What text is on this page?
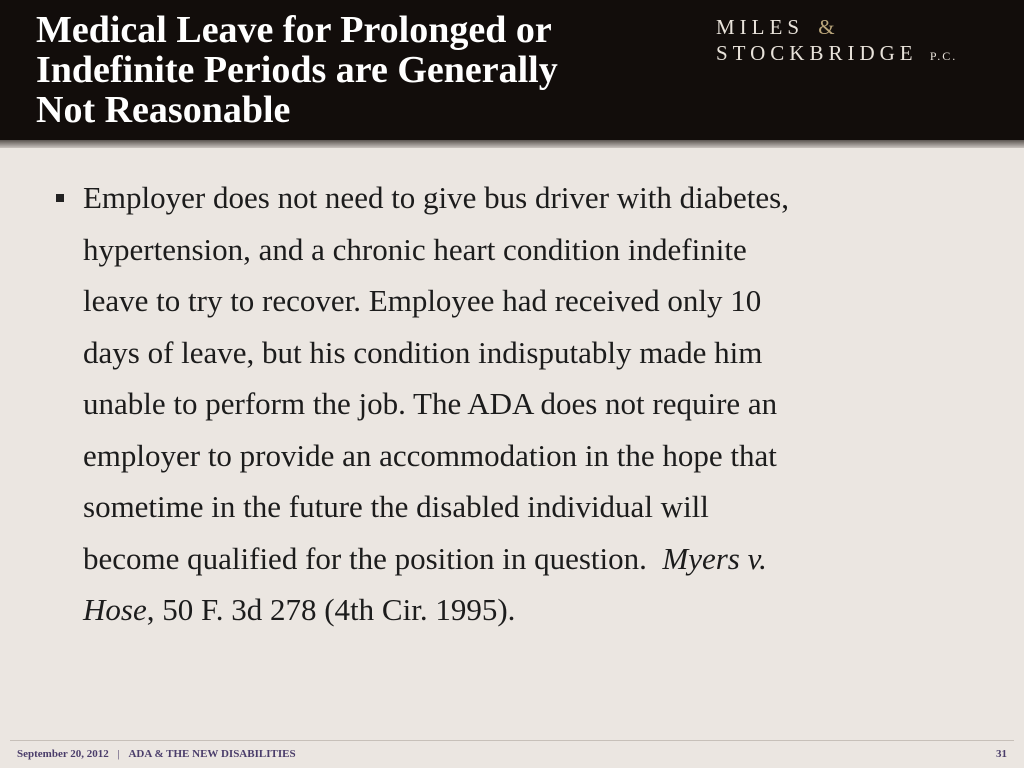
Medical Leave for Prolonged or
Indefinite Periods are Generally
Not Reasonable
MILES &
STOCKBRIDGE P.C.
Employer does not need to give bus driver with diabetes,
hypertension, and a chronic heart condition indefinite
leave to try to recover. Employee had received only 10
days of leave, but his condition indisputably made him
unable to perform the job. The ADA does not require an
employer to provide an accommodation in the hope that
sometime in the future the disabled individual will
become qualified for the position in question.  Myers v.
Hose, 50 F. 3d 278 (4th Cir. 1995).
September 20, 2012 | ADA & THE NEW DISABILITIES	31
